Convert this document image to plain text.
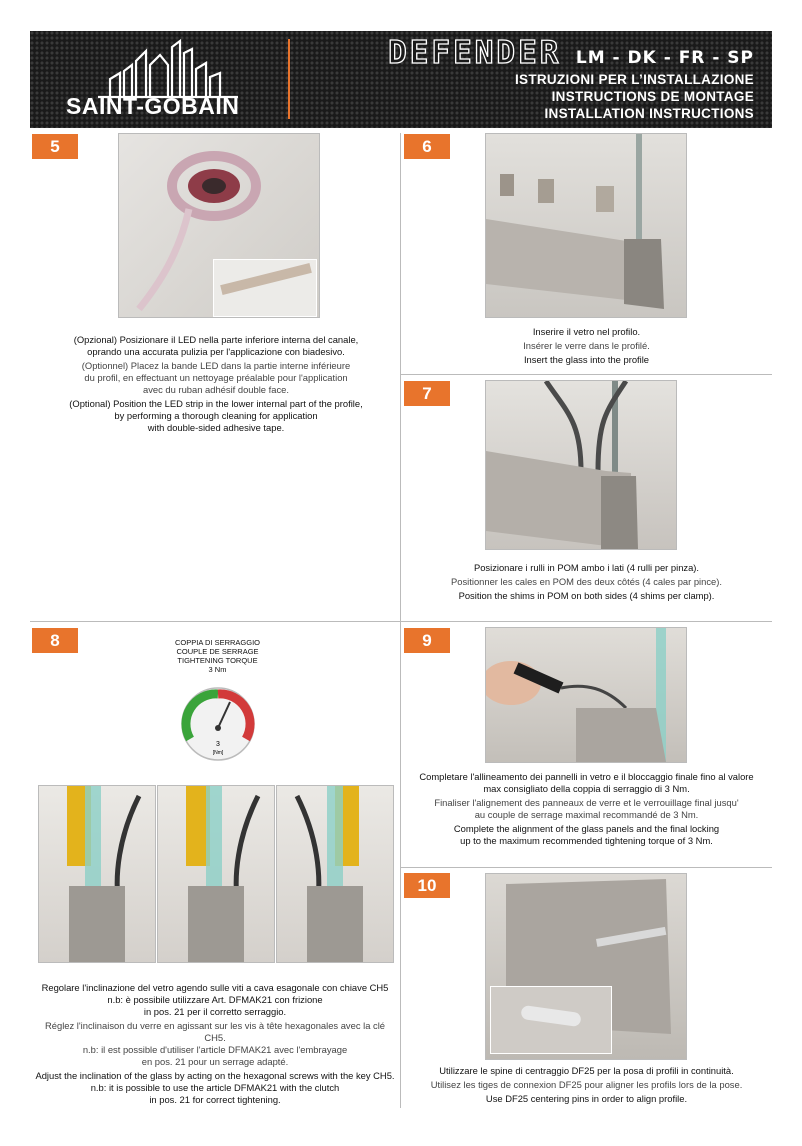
SAINT-GOBAIN
DEFENDER LM - DK - FR - SP
ISTRUZIONI PER L’INSTALLAZIONE
INSTRUCTIONS DE MONTAGE
INSTALLATION INSTRUCTIONS
5

(Opzional) Posizionare il LED nella parte inferiore interna del canale,
oprando una accurata pulizia per l'applicazione con biadesivo.

(Optionnel) Placez la bande LED dans la partie interne inférieure
du profil, en effectuant un nettoyage préalable pour l'application
avec du ruban adhésif double face.

(Optional) Position the LED strip in the lower internal part of the profile,
by performing a thorough cleaning for application
with double-sided adhesive tape.

6

Inserire il vetro nel profilo.

Insérer le verre dans le profilé.

Insert the glass into the profile

7

Posizionare i rulli in POM ambo i lati (4 rulli per pinza).

Positionner les cales en POM des deux côtés (4 cales par pince).

Position the shims in POM on both sides (4 shims per clamp).

8	COPPIA DI SERRAGGIO
COUPLE DE SERRAGE
TIGHTENING TORQUE
3 Nm
3
[Nm]

Regolare l'inclinazione del vetro agendo sulle viti a cava esagonale con chiave CH5
n.b: è possibile utilizzare Art. DFMAK21 con frizione
in pos. 21 per il corretto serraggio.

Réglez l'inclinaison du verre en agissant sur les vis à tête hexagonales avec la clé CH5.
n.b: il est possible d'utiliser l'article DFMAK21 avec l'embrayage
en pos. 21 pour un serrage adapté.

Adjust the inclination of the glass by acting on the hexagonal screws with the key CH5.
n.b: it is possible to use the article DFMAK21 with the clutch
in pos. 21 for correct tightening.

9

Completare l'allineamento dei pannelli in vetro e il bloccaggio finale fino al valore
max consigliato della coppia di serraggio di 3 Nm.

Finaliser l'alignement des panneaux de verre et le verrouillage final jusqu'
au couple de serrage maximal recommandé de 3 Nm.

Complete the alignment of the glass panels and the final locking
up to the maximum recommended tightening torque of 3 Nm.

10

Utilizzare le spine di centraggio DF25 per la posa di profili in continuità.

Utilisez les tiges de connexion DF25 pour aligner les profils lors de la pose.

Use DF25 centering pins in order to align profile.
